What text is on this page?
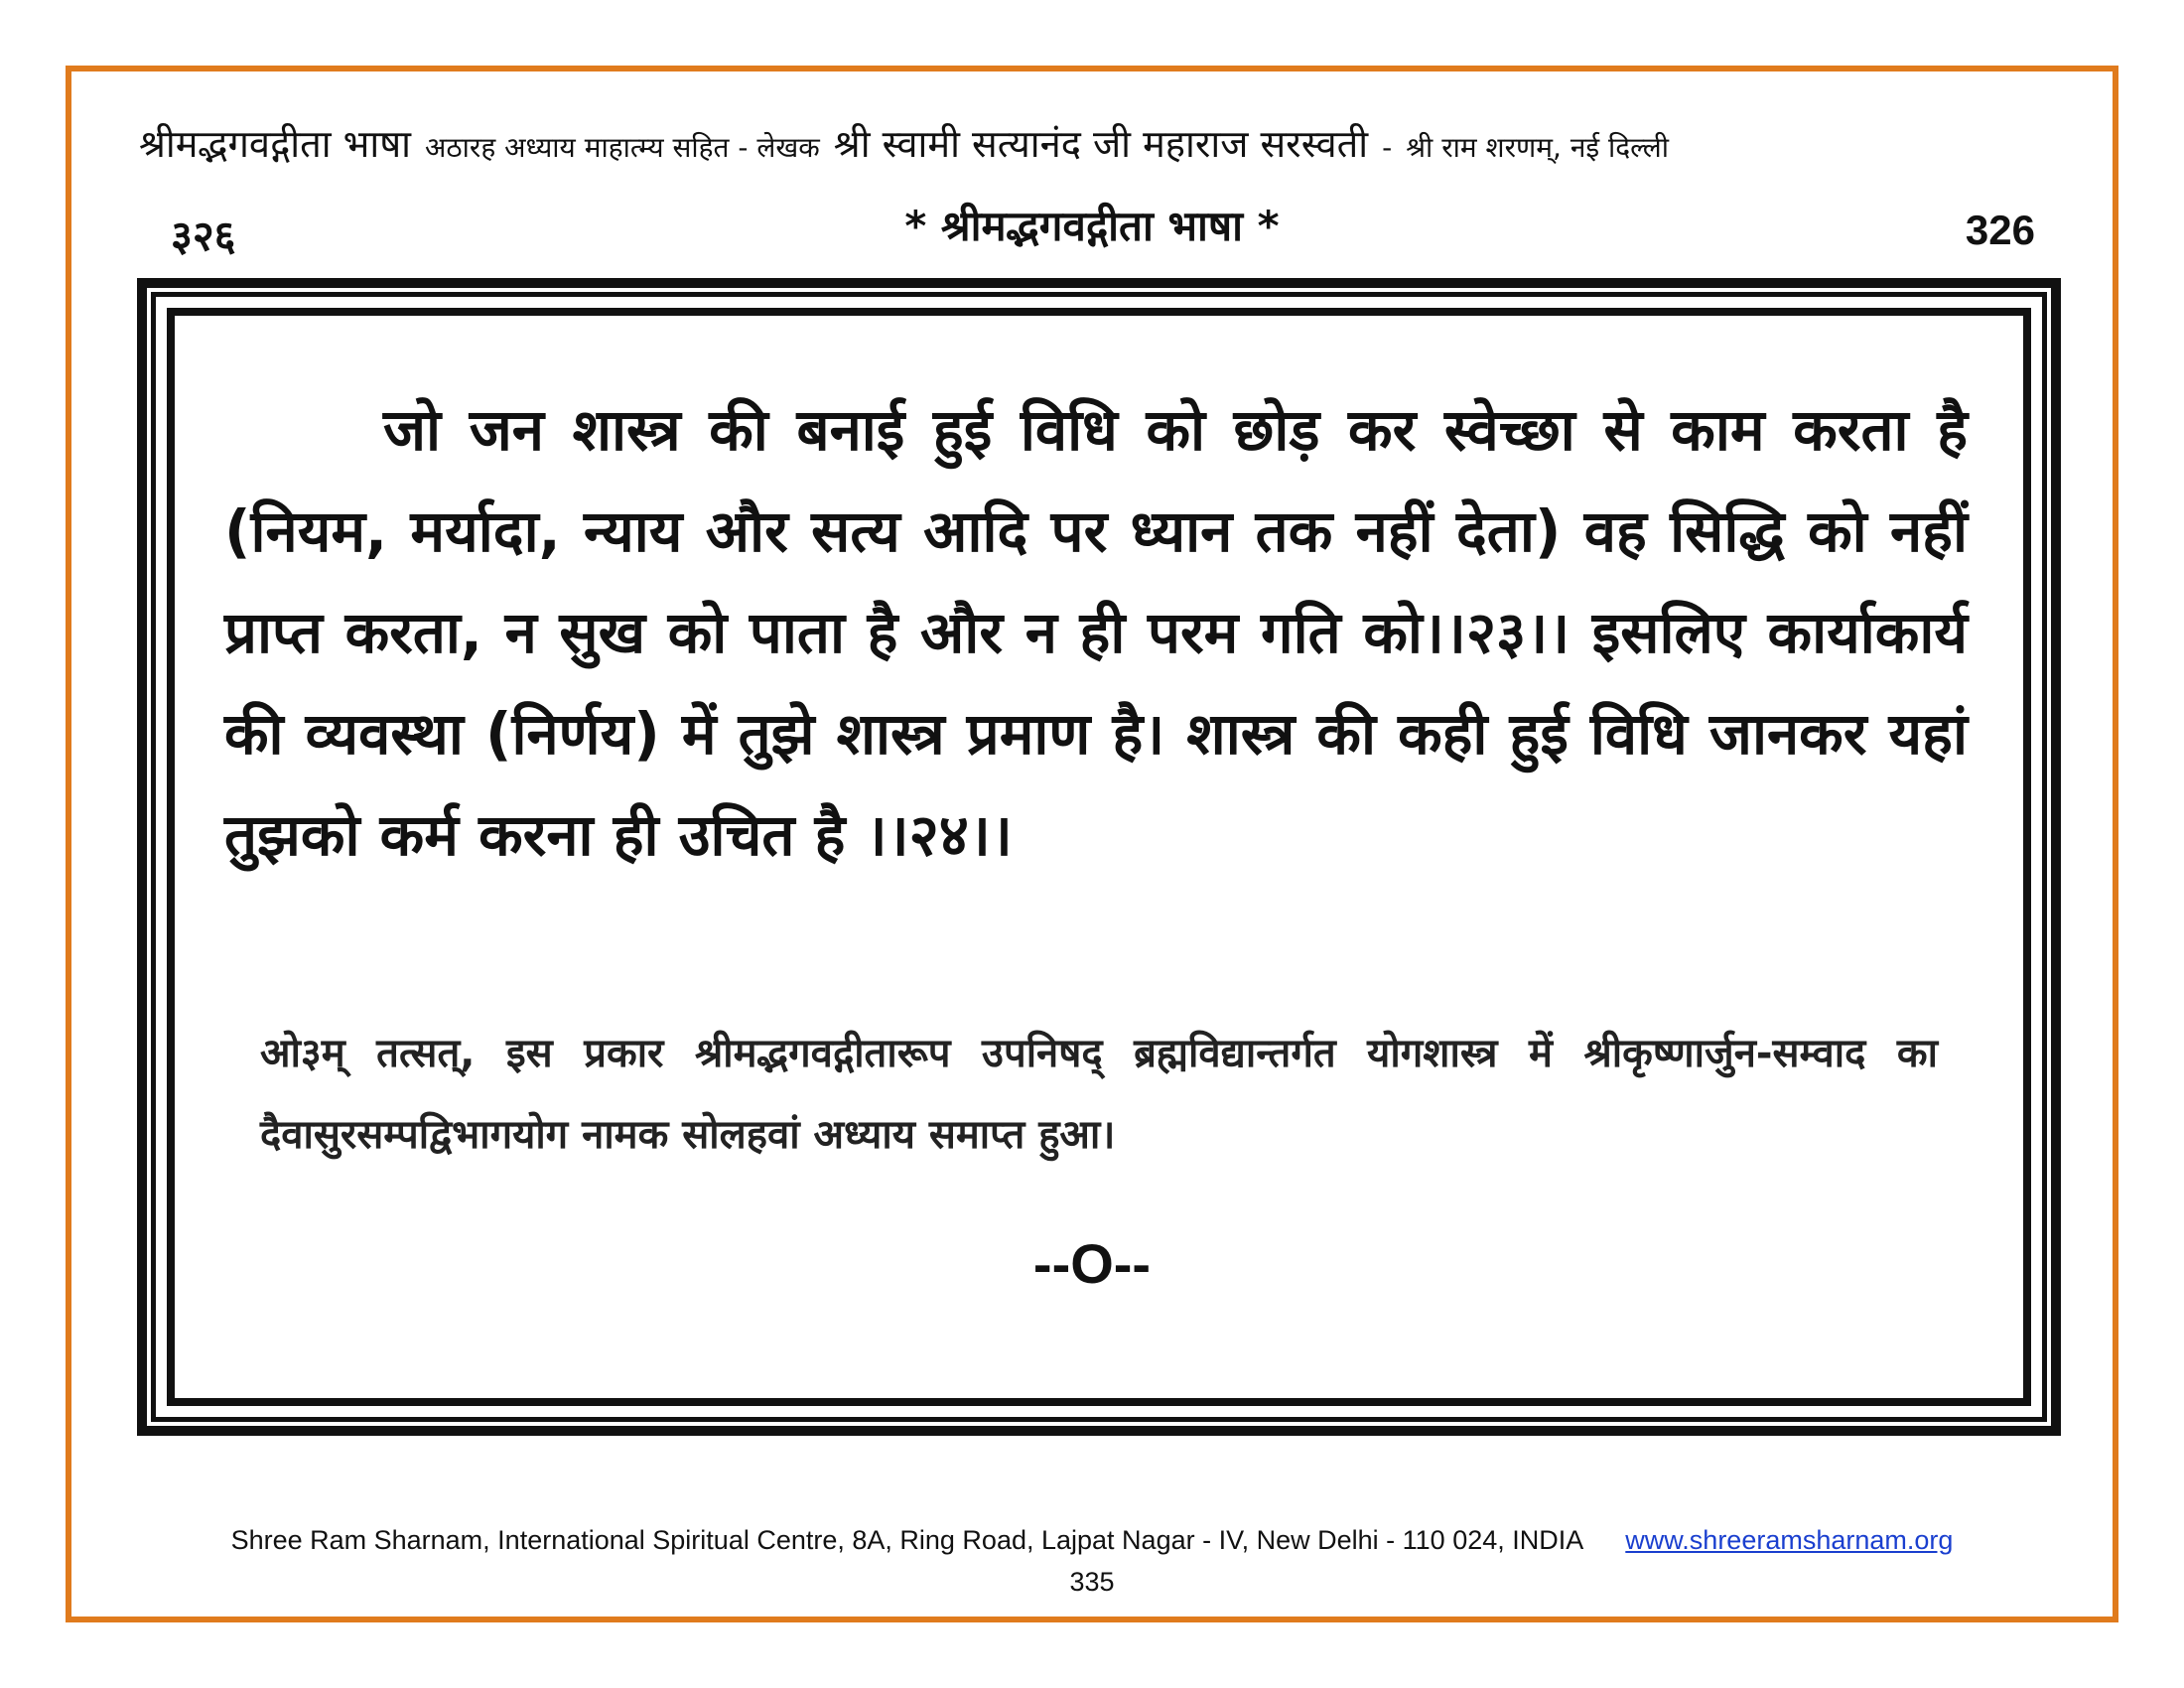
श्रीमद्भगवद्गीता भाषा अठारह अध्याय माहात्म्य सहित - लेखक श्री स्वामी सत्यानंद जी महाराज सरस्वती - श्री राम शरणम्, नई दिल्ली
३२६	* श्रीमद्भगवद्गीता भाषा *	326

जो जन शास्त्र की बनाई हुई विधि को छोड़ कर स्वेच्छा से काम करता है (नियम, मर्यादा, न्याय और सत्य आदि पर ध्यान तक नहीं देता) वह सिद्धि को नहीं प्राप्त करता, न सुख को पाता है और न ही परम गति को।।२३।। इसलिए कार्याकार्य की व्यवस्था (निर्णय) में तुझे शास्त्र प्रमाण है। शास्त्र की कही हुई विधि जानकर यहां तुझको कर्म करना ही उचित है ।।२४।।

ओ३म् तत्सत्, इस प्रकार श्रीमद्भगवद्गीतारूप उपनिषद् ब्रह्मविद्यान्तर्गत योगशास्त्र में श्रीकृष्णार्जुन-सम्वाद का दैवासुरसम्पद्विभागयोग नामक सोलहवां अध्याय समाप्त हुआ।

--O--
Shree Ram Sharnam, International Spiritual Centre, 8A, Ring Road, Lajpat Nagar - IV, New Delhi - 110 024, INDIA www.shreeramsharnam.org
335
